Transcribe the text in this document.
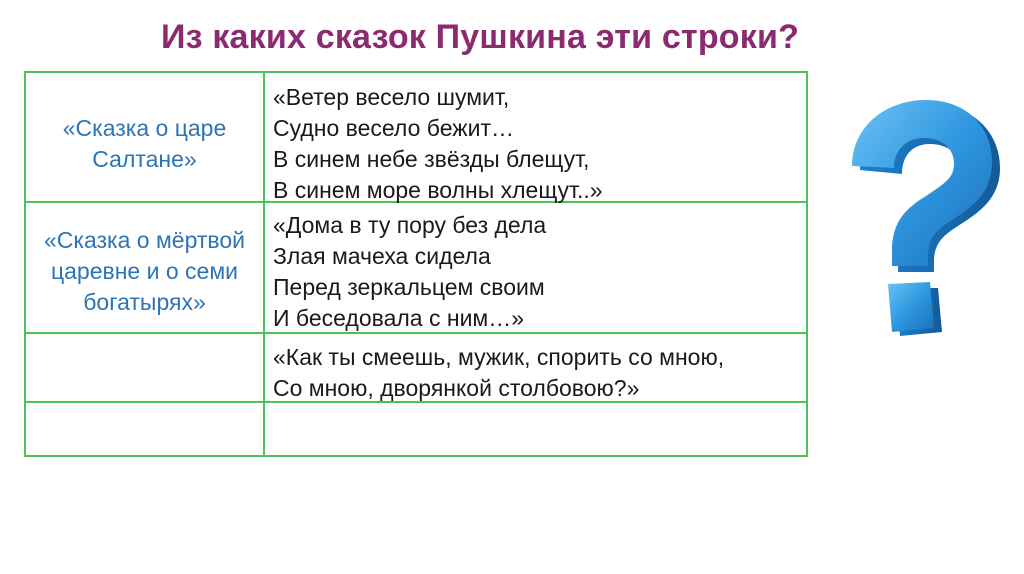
Из каких сказок Пушкина эти строки?
«Сказка о царе
Салтане»
«Ветер весело шумит,
Судно весело бежит…
В синем небе звёзды блещут,
В синем море волны хлещут..»
«Сказка о мёртвой
царевне и о семи
богатырях»
«Дома в ту пору без дела
Злая мачеха сидела
Перед зеркальцем своим
И беседовала с ним…»
«Как ты смеешь, мужик, спорить со мною,
Со мною, дворянкой столбовою?»
